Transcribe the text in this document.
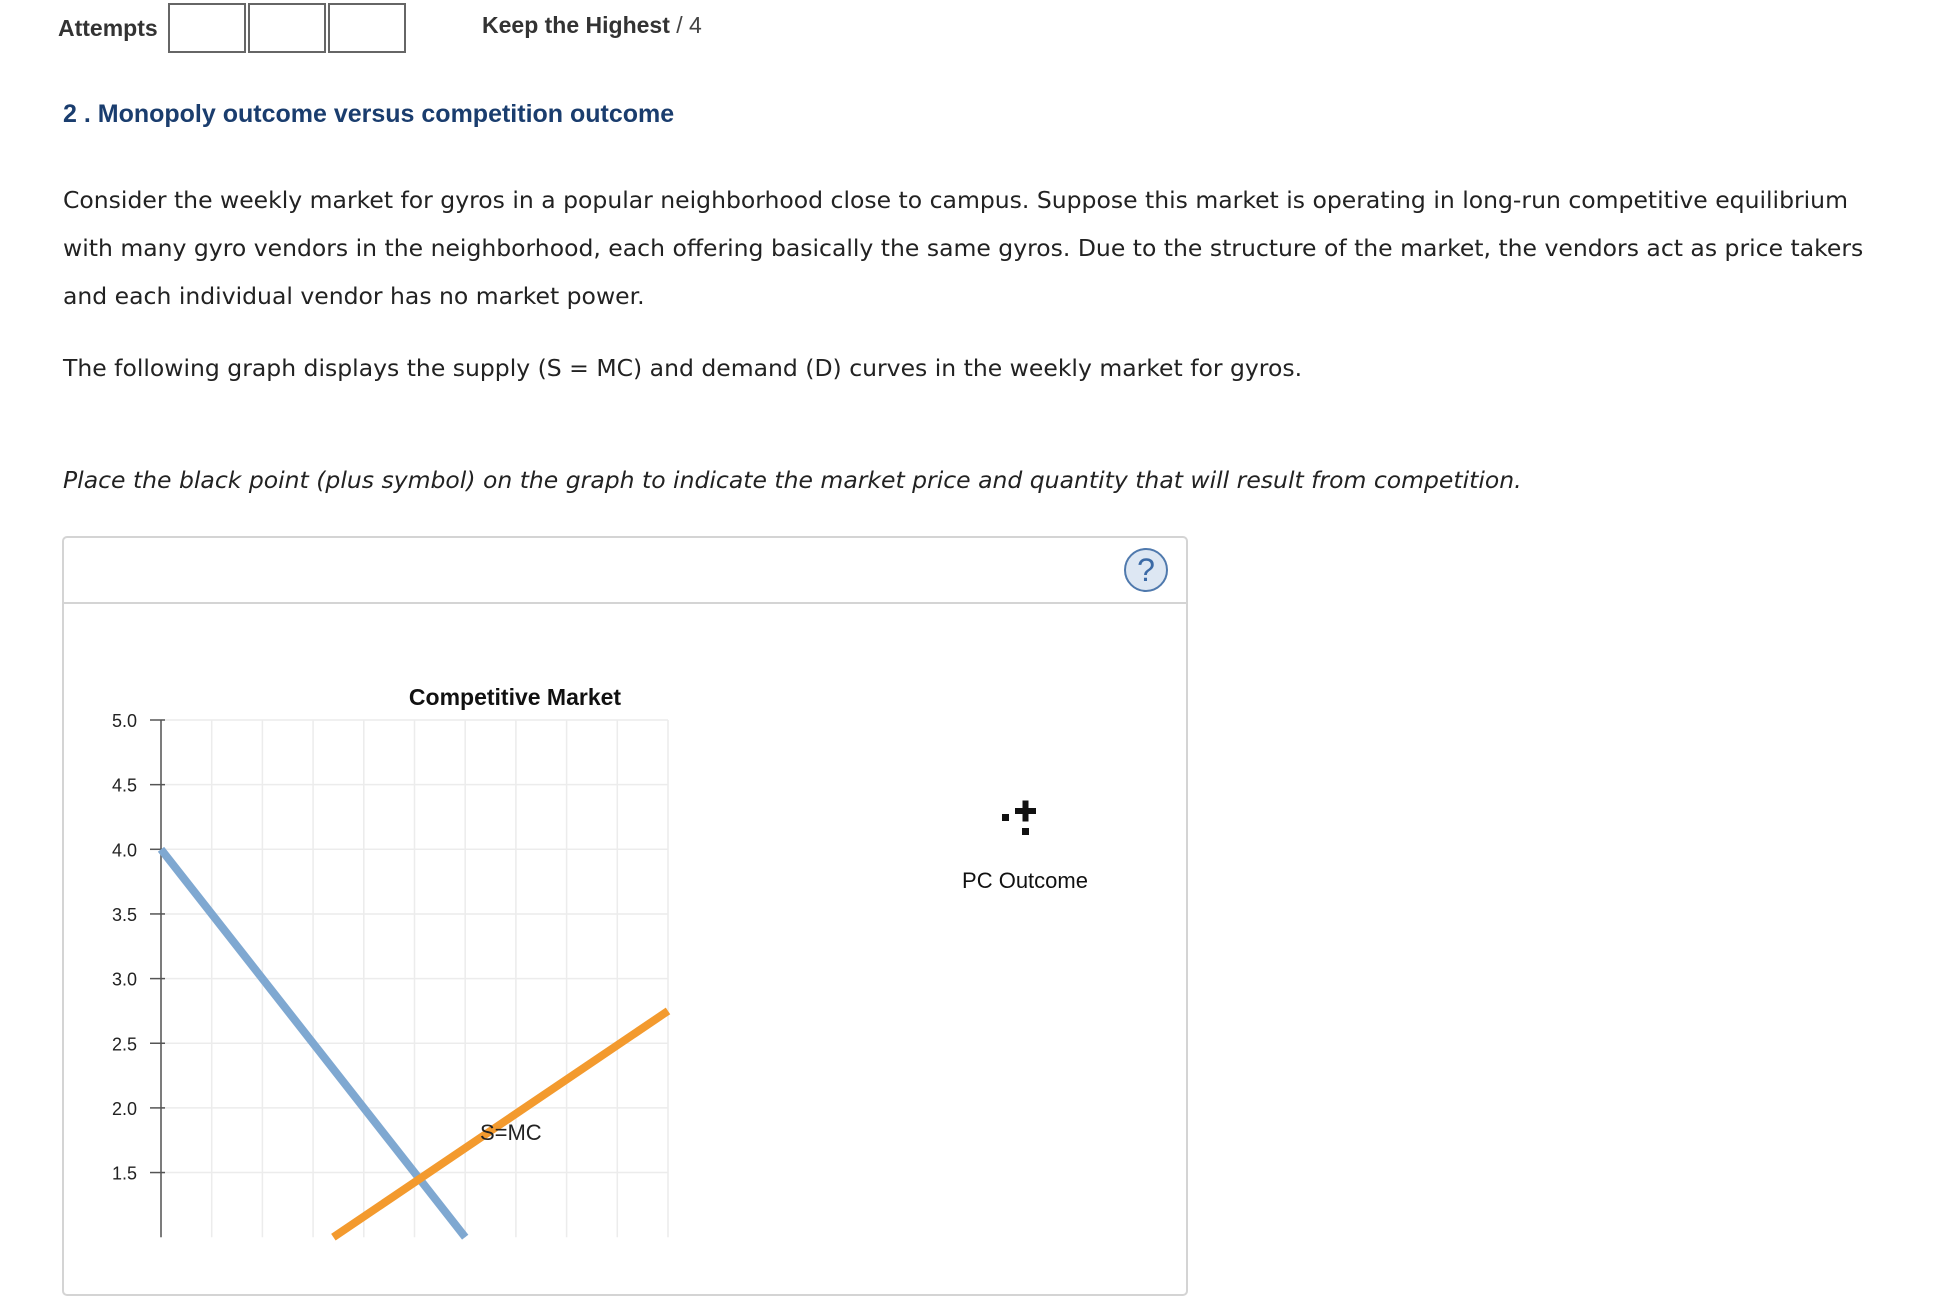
Attempts	Keep the Highest / 4
2 . Monopoly outcome versus competition outcome
Consider the weekly market for gyros in a popular neighborhood close to campus. Suppose this market is operating in long-run competitive equilibrium with many gyro vendors in the neighborhood, each offering basically the same gyros. Due to the structure of the market, the vendors act as price takers and each individual vendor has no market power.
The following graph displays the supply (S = MC) and demand (D) curves in the weekly market for gyros.
Place the black point (plus symbol) on the graph to indicate the market price and quantity that will result from competition.
?
Competitive Market
1.5
2.0
2.5
3.0
3.5
4.0
4.5
5.0
S=MC
PC Outcome
